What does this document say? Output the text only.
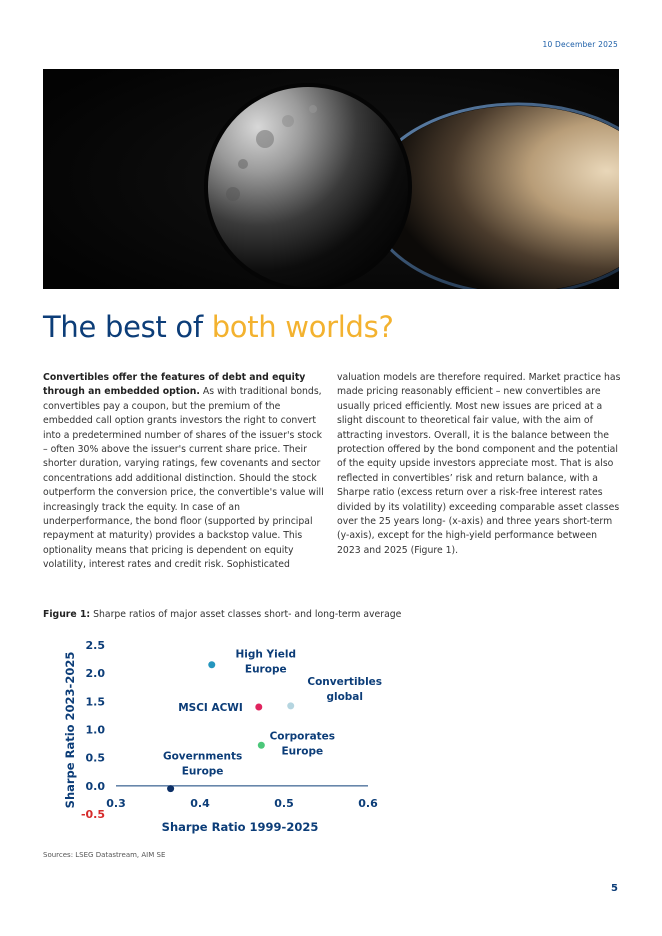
10 December 2025
The best of both worlds?

Convertibles offer the features of debt and equity through an embedded option. As with traditional bonds, convertibles pay a coupon, but the premium of the embedded call option grants investors the right to convert into a predetermined number of shares of the issuer's stock – often 30% above the issuer's current share price. Their shorter duration, varying ratings, few covenants and sector concentrations add additional distinction. Should the stock outperform the conversion price, the convertible's value will increasingly track the equity. In case of an underperformance, the bond floor (supported by principal repayment at maturity) provides a backstop value. This optionality means that pricing is dependent on equity volatility, interest rates and credit risk. Sophisticated

valuation models are therefore required. Market practice has made pricing reasonably efficient – new convertibles are usually priced efficiently. Most new issues are priced at a slight discount to theoretical fair value, with the aim of attracting investors. Overall, it is the balance between the protection offered by the bond component and the potential of the equity upside investors appreciate most. That is also reflected in convertibles’ risk and return balance, with a Sharpe ratio (excess return over a risk-free interest rates divided by its volatility) exceeding comparable asset classes over the 25 years long- (x-axis) and three years short-term (y-axis), except for the high-yield performance between 2023 and 2025 (Figure 1).

Figure 1: Sharpe ratios of major asset classes short- and long-term average
2.5
2.0
1.5
1.0
0.5
0.0
-0.5
0.3	0.4	0.5	0.6
Sharpe Ratio 1999-2025
Sharpe Ratio 2023-2025	High Yield
Europe
MSCI ACWI
Convertibles
global
Corporates
Europe
Governments
Europe
Sources: LSEG Datastream, AIM SE
5
